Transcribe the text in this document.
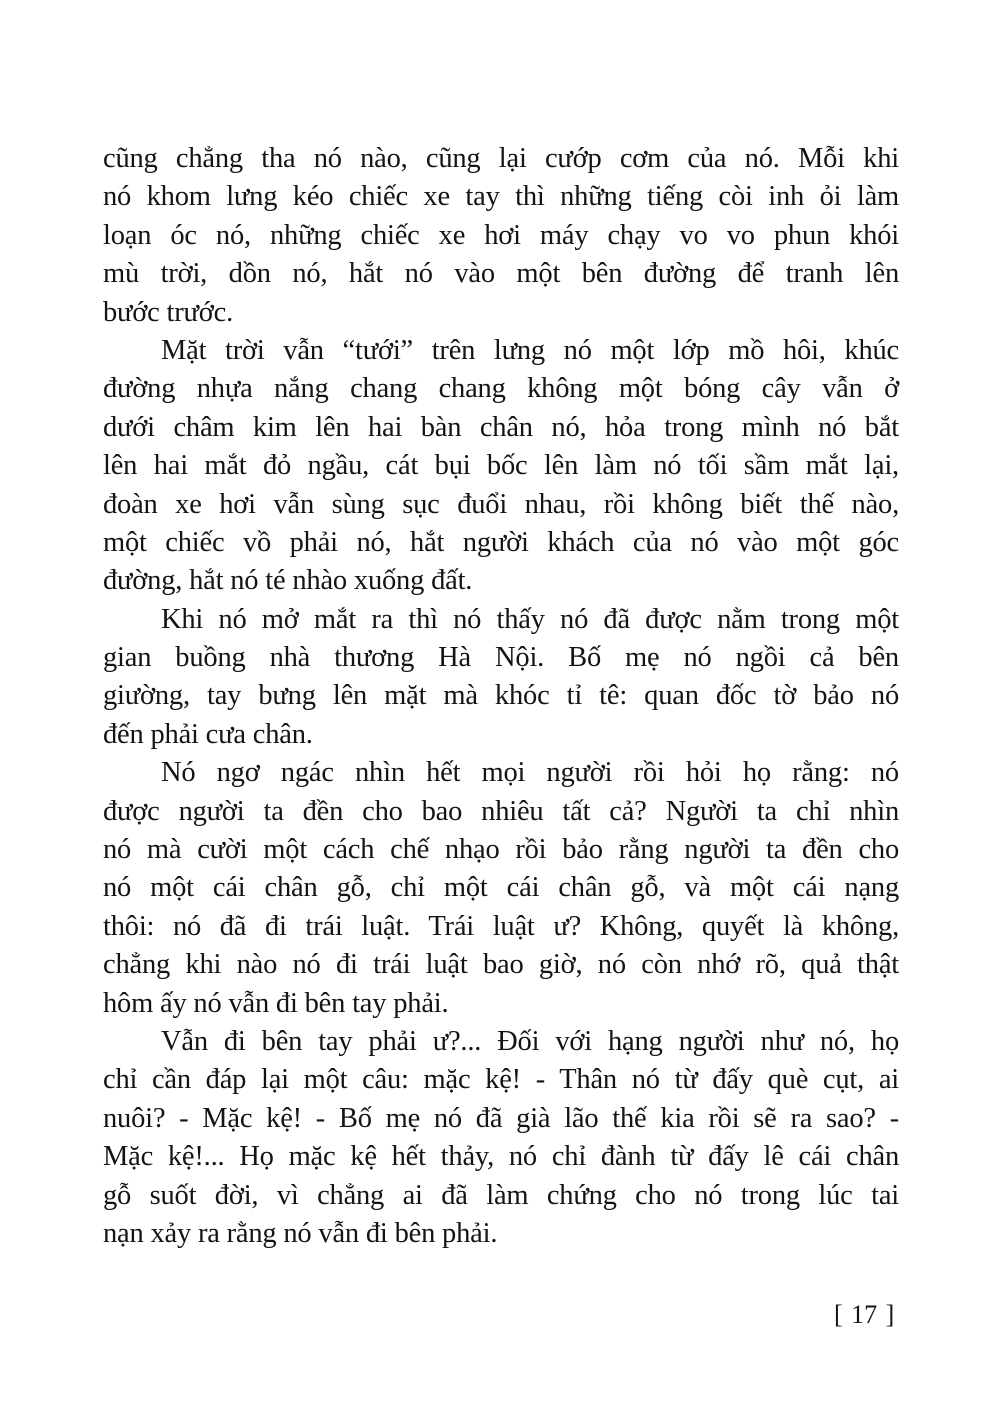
cũng chẳng tha nó nào, cũng lại cướp cơm của nó. Mỗi khi
nó khom lưng kéo chiếc xe tay thì những tiếng còi inh ỏi làm
loạn óc nó, những chiếc xe hơi máy chạy vo vo phun khói
mù trời, dồn nó, hắt nó vào một bên đường để tranh lên
bước trước.
Mặt trời vẫn “tưới” trên lưng nó một lớp mồ hôi, khúc
đường nhựa nắng chang chang không một bóng cây vẫn ở
dưới châm kim lên hai bàn chân nó, hỏa trong mình nó bắt
lên hai mắt đỏ ngầu, cát bụi bốc lên làm nó tối sầm mắt lại,
đoàn xe hơi vẫn sùng sục đuổi nhau, rồi không biết thế nào,
một chiếc vồ phải nó, hắt người khách của nó vào một góc
đường, hắt nó té nhào xuống đất.
Khi nó mở mắt ra thì nó thấy nó đã được nằm trong một
gian buồng nhà thương Hà Nội. Bố mẹ nó ngồi cả bên
giường, tay bưng lên mặt mà khóc tỉ tê: quan đốc tờ bảo nó
đến phải cưa chân.
Nó ngơ ngác nhìn hết mọi người rồi hỏi họ rằng: nó
được người ta đền cho bao nhiêu tất cả? Người ta chỉ nhìn
nó mà cười một cách chế nhạo rồi bảo rằng người ta đền cho
nó một cái chân gỗ, chỉ một cái chân gỗ, và một cái nạng
thôi: nó đã đi trái luật. Trái luật ư? Không, quyết là không,
chẳng khi nào nó đi trái luật bao giờ, nó còn nhớ rõ, quả thật
hôm ấy nó vẫn đi bên tay phải.
Vẫn đi bên tay phải ư?... Đối với hạng người như nó, họ
chỉ cần đáp lại một câu: mặc kệ! - Thân nó từ đấy què cụt, ai
nuôi? - Mặc kệ! - Bố mẹ nó đã già lão thế kia rồi sẽ ra sao? -
Mặc kệ!... Họ mặc kệ hết thảy, nó chỉ đành từ đấy lê cái chân
gỗ suốt đời, vì chẳng ai đã làm chứng cho nó trong lúc tai
nạn xảy ra rằng nó vẫn đi bên phải.
[ 17 ]
